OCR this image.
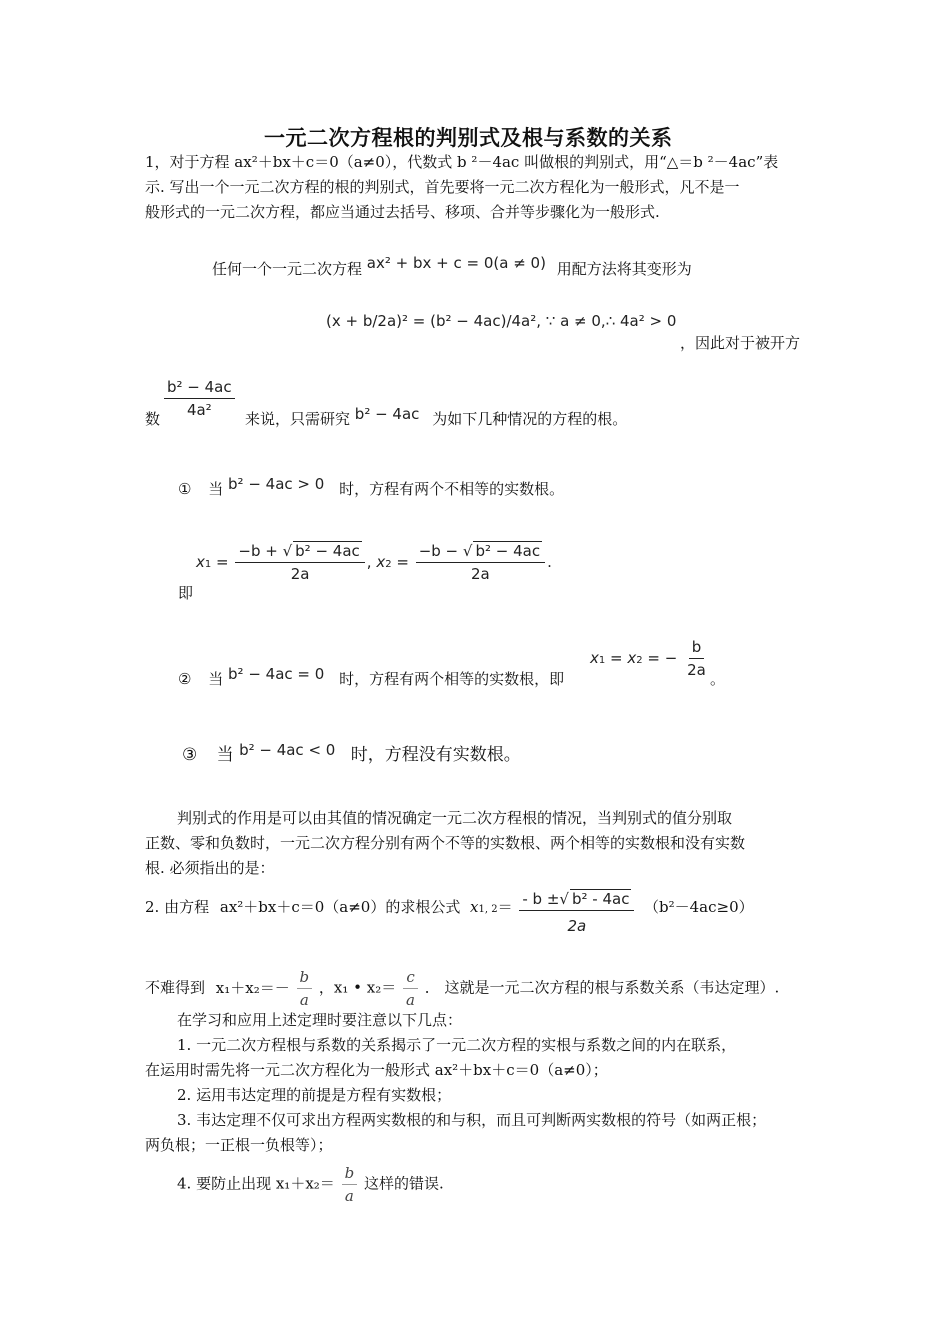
一元二次方程根的判别式及根与系数的关系
1，对于方程 ax²＋bx＋c＝0（a≠0），代数式 b ²－4ac 叫做根的判别式，用“△＝b ²－4ac”表
示. 写出一个一元二次方程的根的判别式，首先要将一元二次方程化为一般形式，凡不是一
般形式的一元二次方程，都应当通过去括号、移项、合并等步骤化为一般形式.
任何一个一元二次方程 ax² + bx + c = 0(a ≠ 0) 用配方法将其变形为
(x + b/2a)² = (b² − 4ac)/4a², ∵ a ≠ 0,∴ 4a² > 0
，因此对于被开方
数 $\frac{\text{b² − 4ac}}{\text{4a²}}$ 来说，只需研究 b² − 4ac 为如下几种情况的方程的根。
① 当 b² − 4ac > 0 时，方程有两个不相等的实数根。
即
$x1 = \frac{\text{−b + √ b² − 4ac}}{2a}$ , $x2 = \frac{\text{−b − √ b² − 4ac}}{2a}$ .
② 当 b² − 4ac = 0 时，方程有两个相等的实数根，即
x1 = x2 = − $\frac{b}{2a}$ 。
③ 当 b² − 4ac < 0 时，方程没有实数根。
判别式的作用是可以由其值的情况确定一元二次方程根的情况，当判别式的值分别取
正数、零和负数时，一元二次方程分别有两个不等的实数根、两个相等的实数根和没有实数
根. 必须指出的是：
2. 由方程 ax²＋bx＋c＝0（a≠0）的求根公式 x1, $2= \frac{\text{- b ±√ b² - 4ac}}{2a} (b^2-4ac\ge 0)$
不难得到 $x_1+x_2=- \frac{b}{a}$ ，x₁ • $x_2= \frac{c}{a}$ ． 这就是一元二次方程的根与系数关系（韦达定理）.
在学习和应用上述定理时要注意以下几点：
1. 一元二次方程根与系数的关系揭示了一元二次方程的实根与系数之间的内在联系，
在运用时需先将一元二次方程化为一般形式 ax²＋bx＋c＝0（a≠0）；
2. 运用韦达定理的前提是方程有实数根；
3. 韦达定理不仅可求出方程两实数根的和与积，而且可判断两实数根的符号（如两正根；
两负根；一正根一负根等）；
4. 要防止出现 $x_1+x_2= \frac{b}{a}$ 这样的错误.
